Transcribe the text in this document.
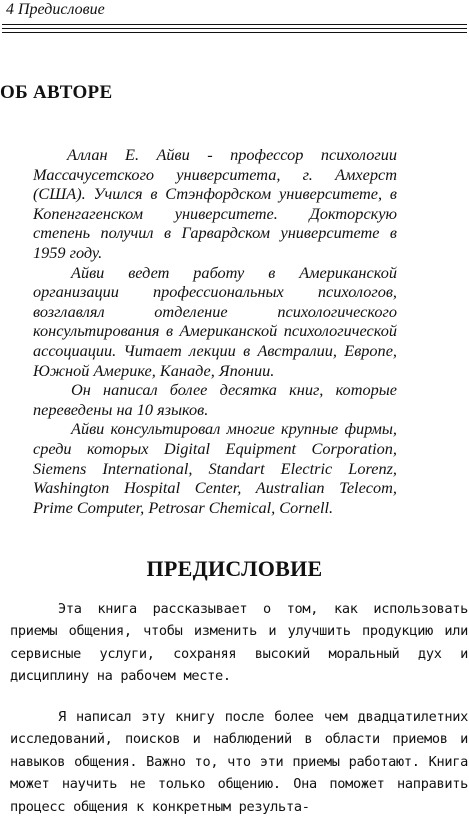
4 Предисловие
ОБ АВТОРЕ

Аллан Е. Айви - профессор психологии Массачусетского университета, г. Амхерст (США). Учился в Стэнфордском университете, в Копенгагенском университете. Докторскую степень получил в Гарвардском университете в 1959 году.

Айви ведет работу в Американской организации профессиональных психологов, возглавлял отделение психологического консультирования в Американской психологической ассоциации. Читает лекции в Австралии, Европе, Южной Америке, Канаде, Японии.

Он написал более десятка книг, которые переведены на 10 языков.

Айви консультировал многие крупные фирмы, среди которых Digital Equipment Corporation, Siemens International, Standart Electric Lorenz, Washington Hospital Center, Australian Telecom, Prime Computer, Petrosar Chemical, Cornell.

ПРЕДИСЛОВИЕ

Эта книга рассказывает о том, как использовать приемы общения, чтобы изменить и улучшить продукцию или сервисные услуги, сохраняя высокий моральный дух и дисциплину на рабочем месте.

Я написал эту книгу после более чем двадцатилетних исследований, поисков и наблюдений в области приемов и навыков общения. Важно то, что эти приемы работают. Книга может научить не только общению. Она поможет направить процесс общения к конкретным результа-
